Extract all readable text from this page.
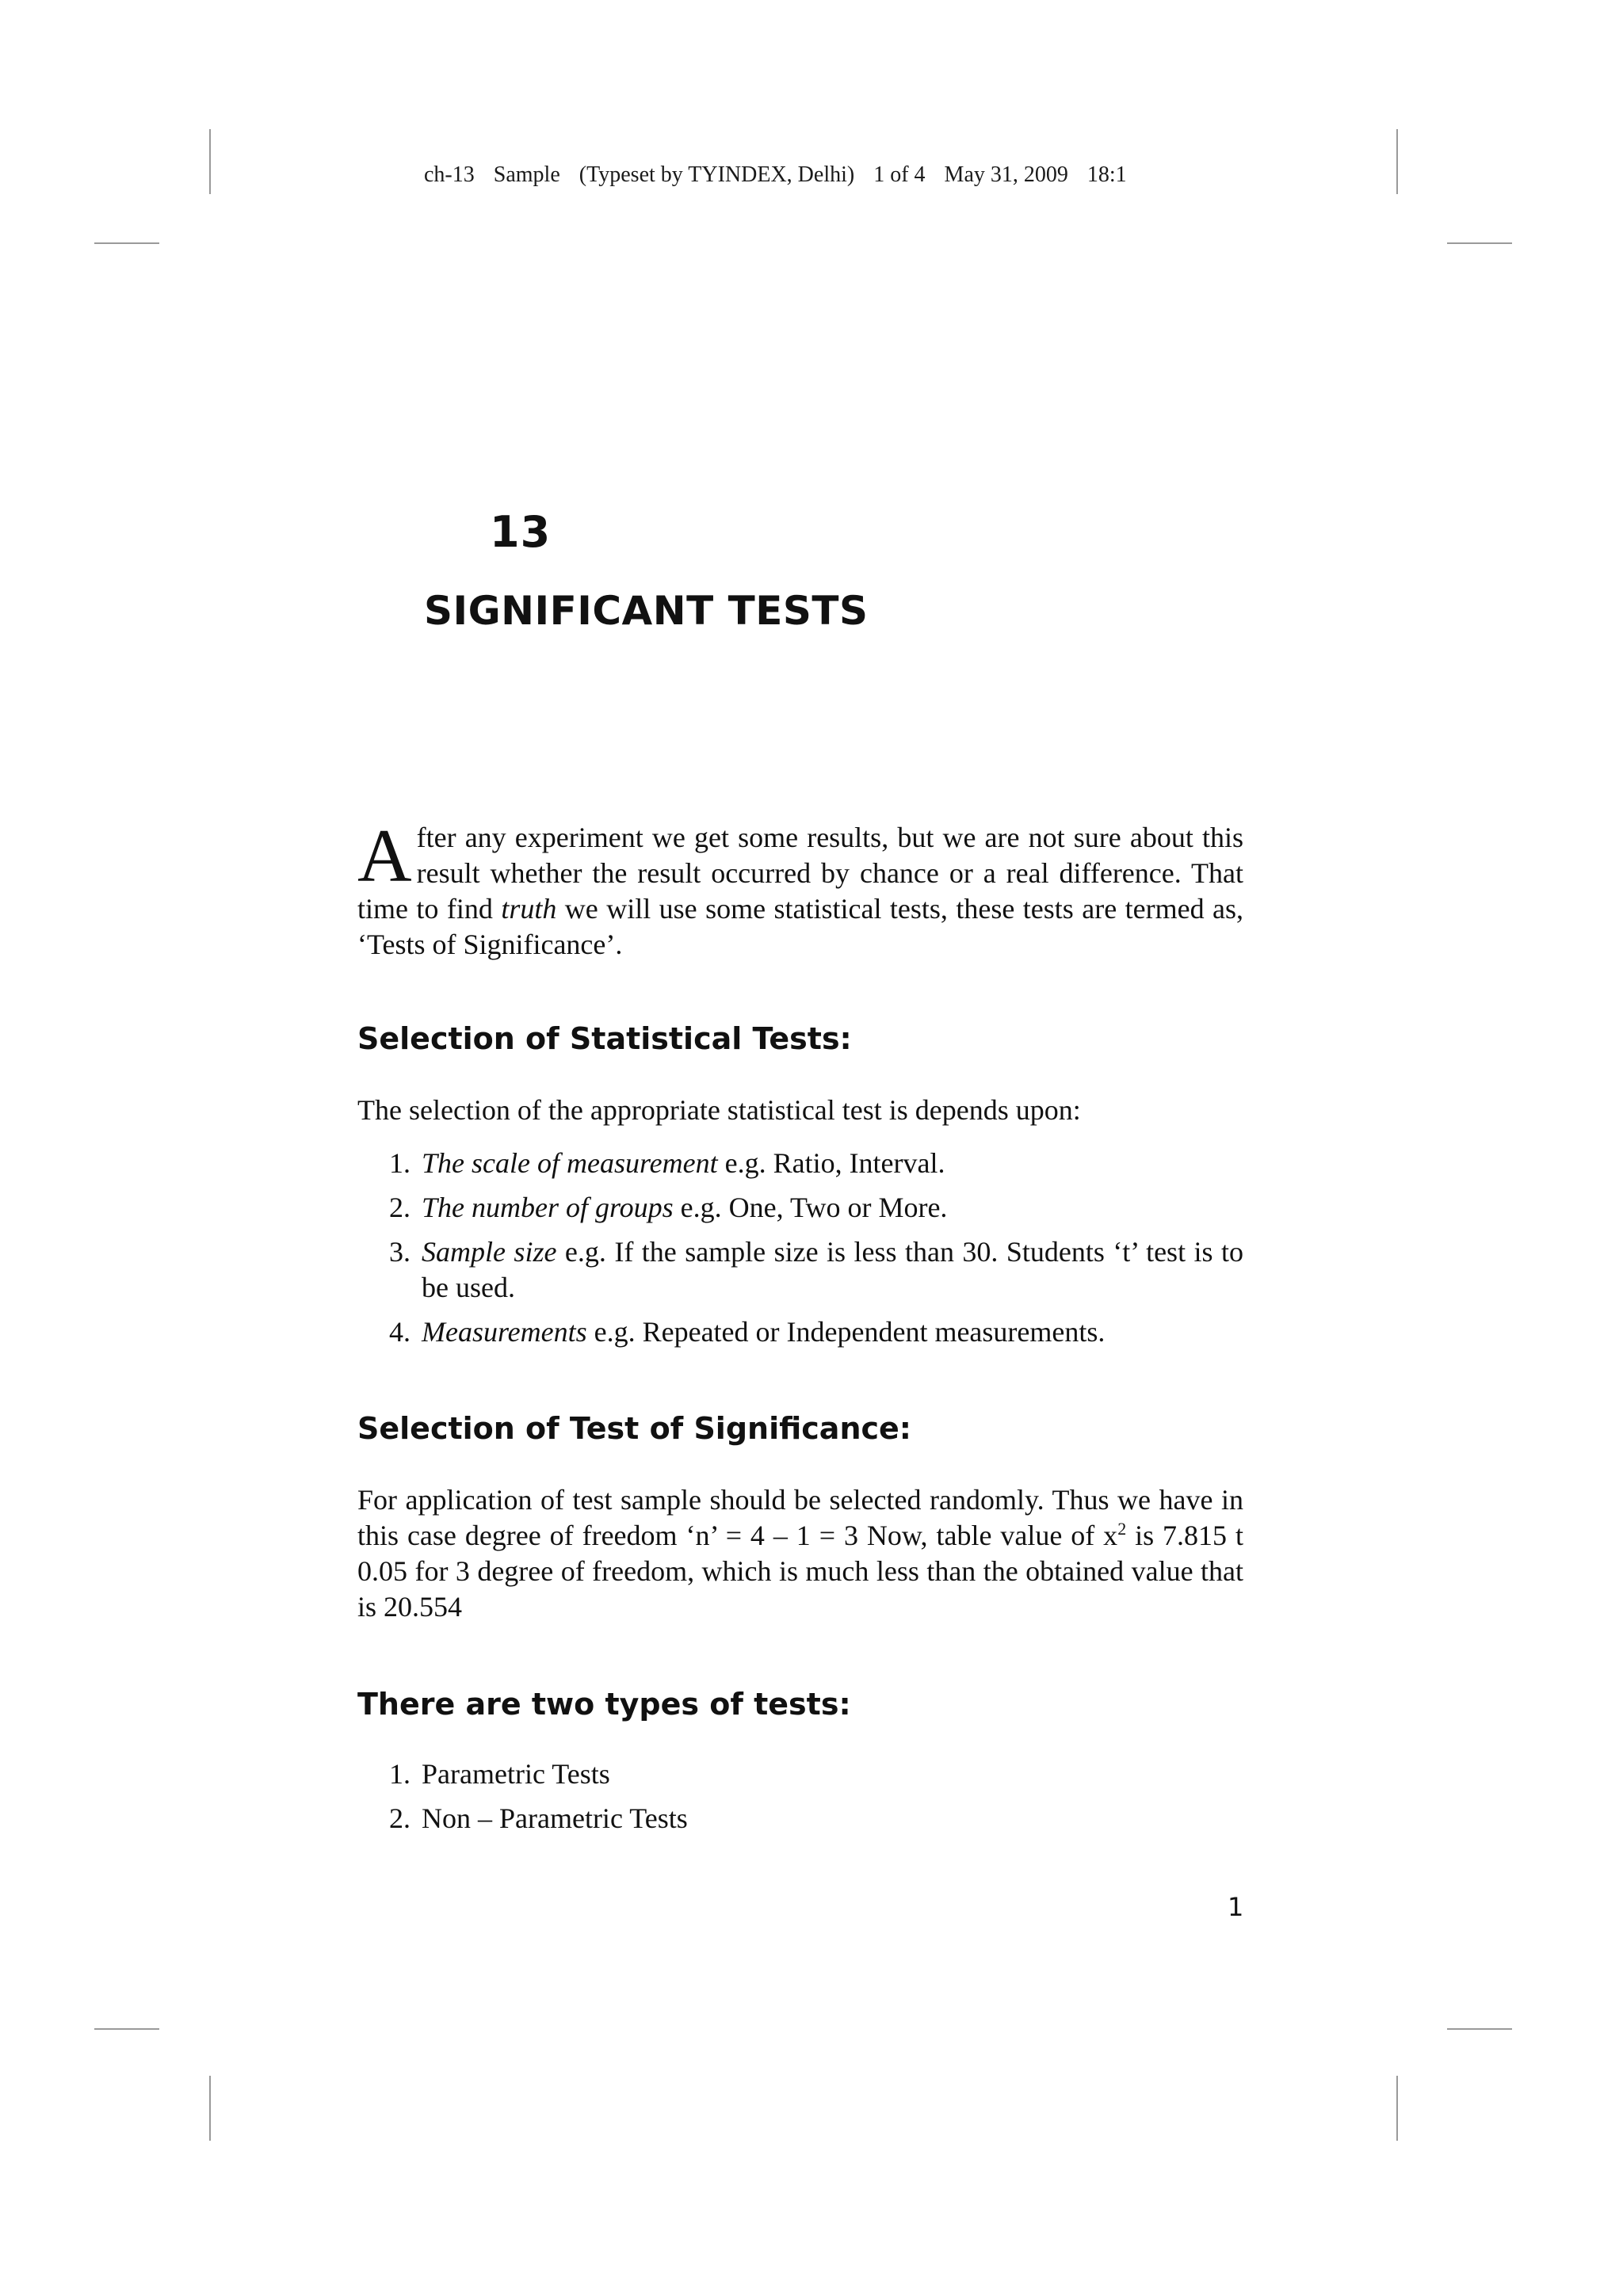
ch-13 Sample (Typeset by TYINDEX, Delhi) 1 of 4 May 31, 2009 18:1
13
SIGNIFICANT TESTS
After any experiment we get some results, but we are not sure about this result whether the result occurred by chance or a real difference. That time to find truth we will use some statistical tests, these tests are termed as, ‘Tests of Significance’.
Selection of Statistical Tests:
The selection of the appropriate statistical test is depends upon:
1. The scale of measurement e.g. Ratio, Interval.
2. The number of groups e.g. One, Two or More.
3. Sample size e.g. If the sample size is less than 30. Students ‘t’ test is to be used.
4. Measurements e.g. Repeated or Independent measurements.
Selection of Test of Significance:
For application of test sample should be selected randomly. Thus we have in this case degree of freedom ‘n’ = 4 – 1 = 3 Now, table value of $x^2$ is 7.815 t 0.05 for 3 degree of freedom, which is much less than the obtained value that is 20.554
There are two types of tests:
1. Parametric Tests
2. Non – Parametric Tests
1
